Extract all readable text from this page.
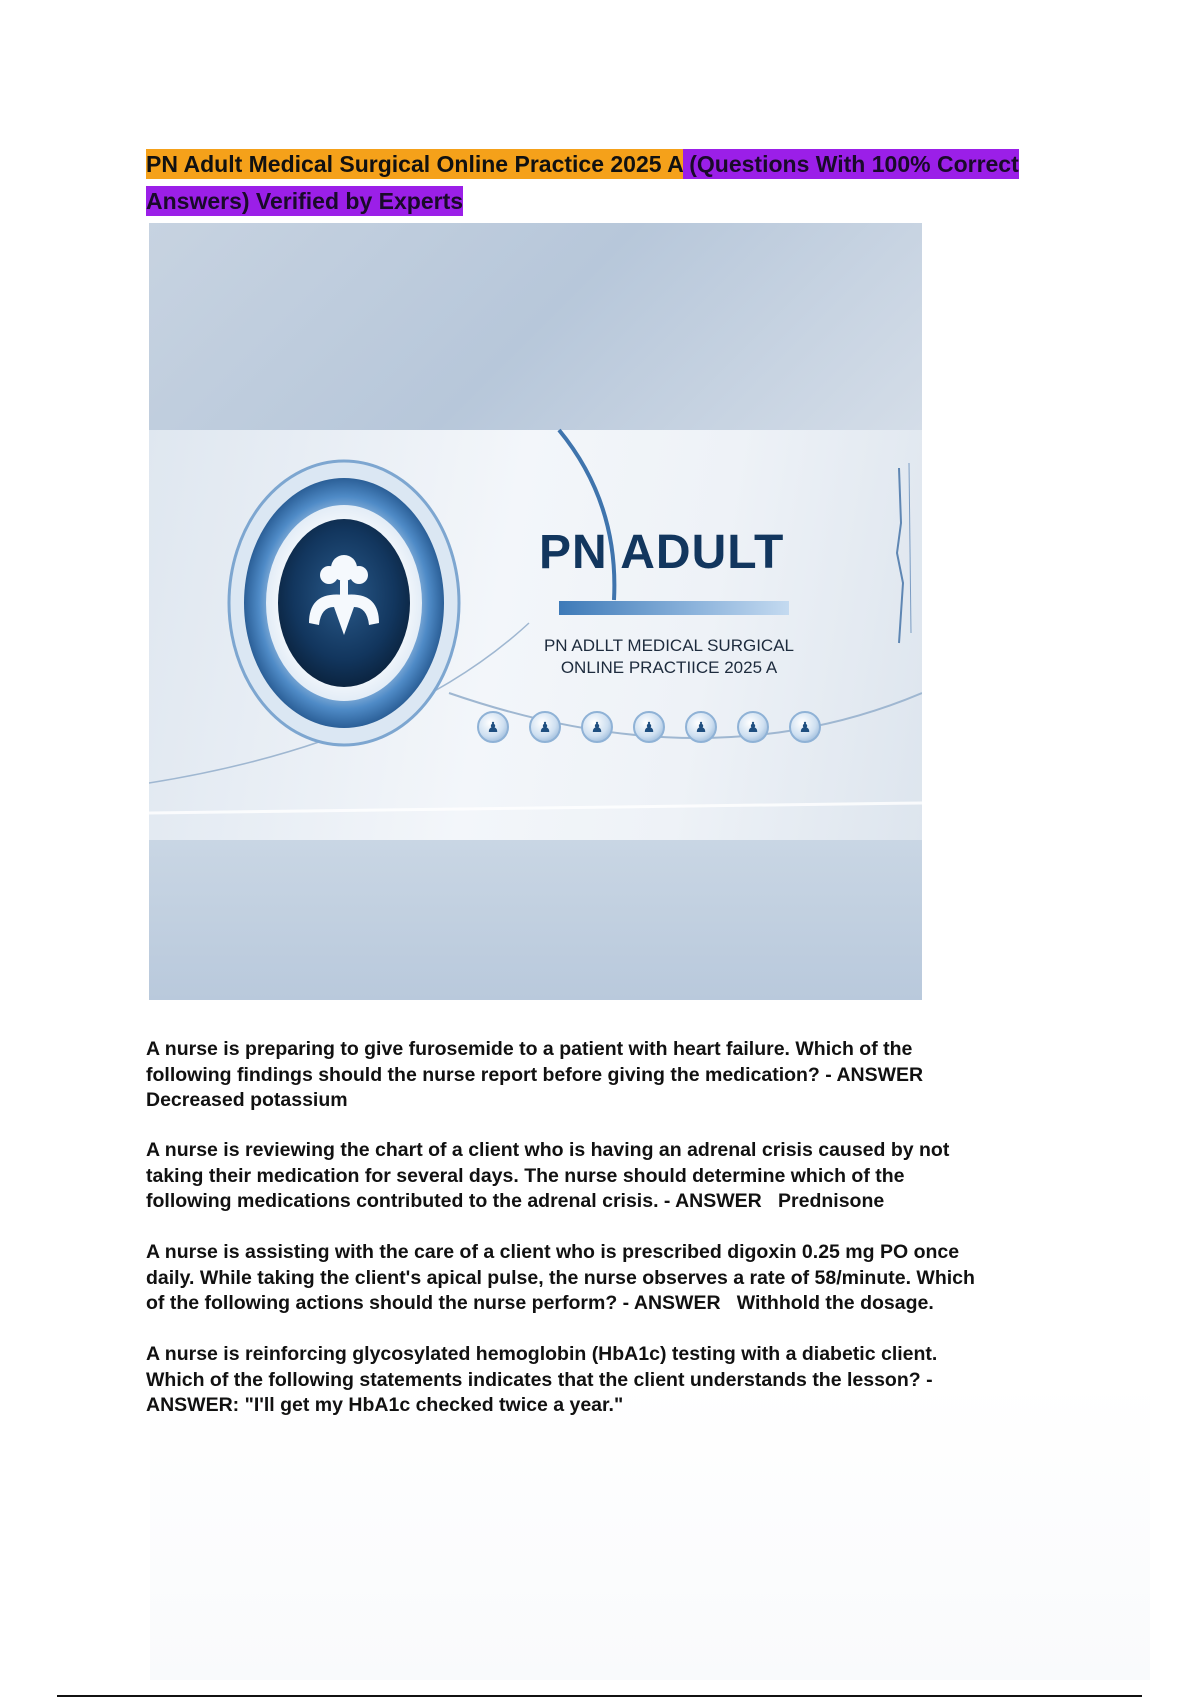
PN Adult Medical Surgical Online Practice 2025 A (Questions With 100% Correct Answers) Verified by Experts
PN ADULT
PN ADLLT MEDICAL SURGICAL
ONLINE PRACTIICE 2025 A
♟	♟	♟	♟	♟	♟	♟
A nurse is preparing to give furosemide to a patient with heart failure. Which of the
following findings should the nurse report before giving the medication? - ANSWER
Decreased potassium
A nurse is reviewing the chart of a client who is having an adrenal crisis caused by not
taking their medication for several days. The nurse should determine which of the
following medications contributed to the adrenal crisis. - ANSWER   Prednisone
A nurse is assisting with the care of a client who is prescribed digoxin 0.25 mg PO once
daily. While taking the client's apical pulse, the nurse observes a rate of 58/minute. Which
of the following actions should the nurse perform? - ANSWER   Withhold the dosage.
A nurse is reinforcing glycosylated hemoglobin (HbA1c) testing with a diabetic client.
Which of the following statements indicates that the client understands the lesson? -
ANSWER: "I'll get my HbA1c checked twice a year."
